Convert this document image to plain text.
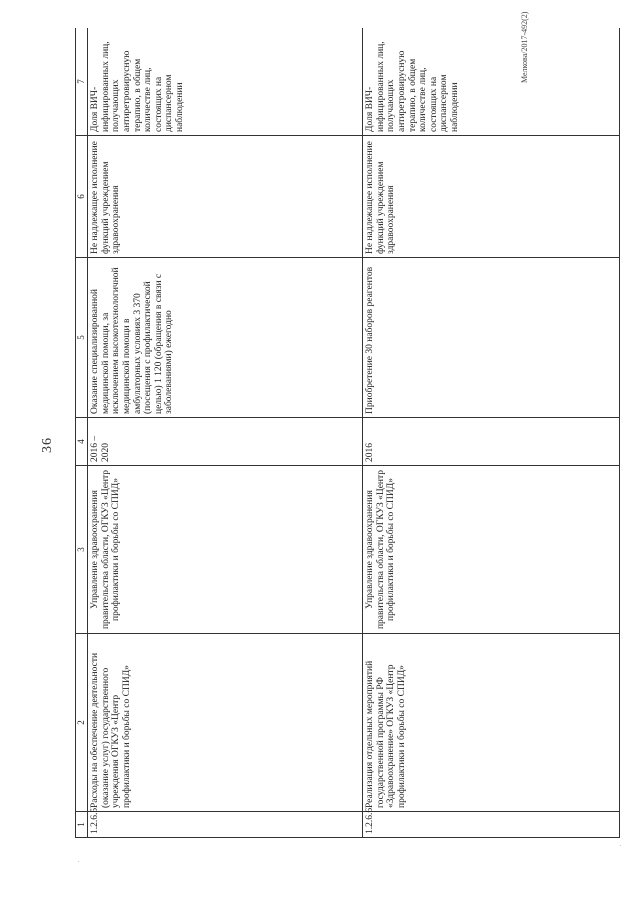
36
Мелкова/2017-492(2)
.
.
1	2	3	4	5	6	7
1.2.6.5	Расходы на обеспечение деятельности (оказание услуг) государственного учреждения ОГКУЗ «Центр профилактики и борьбы со СПИД»	Управление здравоохранения правительства области, ОГКУЗ «Центр профилактики и борьбы со СПИД»	2016 – 2020	Оказание специализированной медицинской помощи, за исключением высокотехнологичной медицинской помощи в амбулаторных условиях 3 370 (посещения с профилактической целью) 1 120 (обращения в связи с заболеваниями) ежегодно	Не надлежащее исполнение функций учреждением здравоохранения	Доля ВИЧ-инфицированных лиц, получающих антиретровирусную терапию, в общем количестве лиц, состоящих на диспансерном наблюдении
1.2.6.6	Реализация отдельных мероприятий государственной программы РФ «Здравоохранение» ОГКУЗ «Центр профилактики и борьбы со СПИД»	Управление здравоохранения правительства области, ОГКУЗ «Центр профилактики и борьбы со СПИД»	2016	Приобретение 30 наборов реагентов	Не надлежащее исполнение функций учреждением здравоохранения	Доля ВИЧ-инфицированных лиц, получающих антиретровирусную терапию, в общем количестве лиц, состоящих на диспансерном наблюдении
